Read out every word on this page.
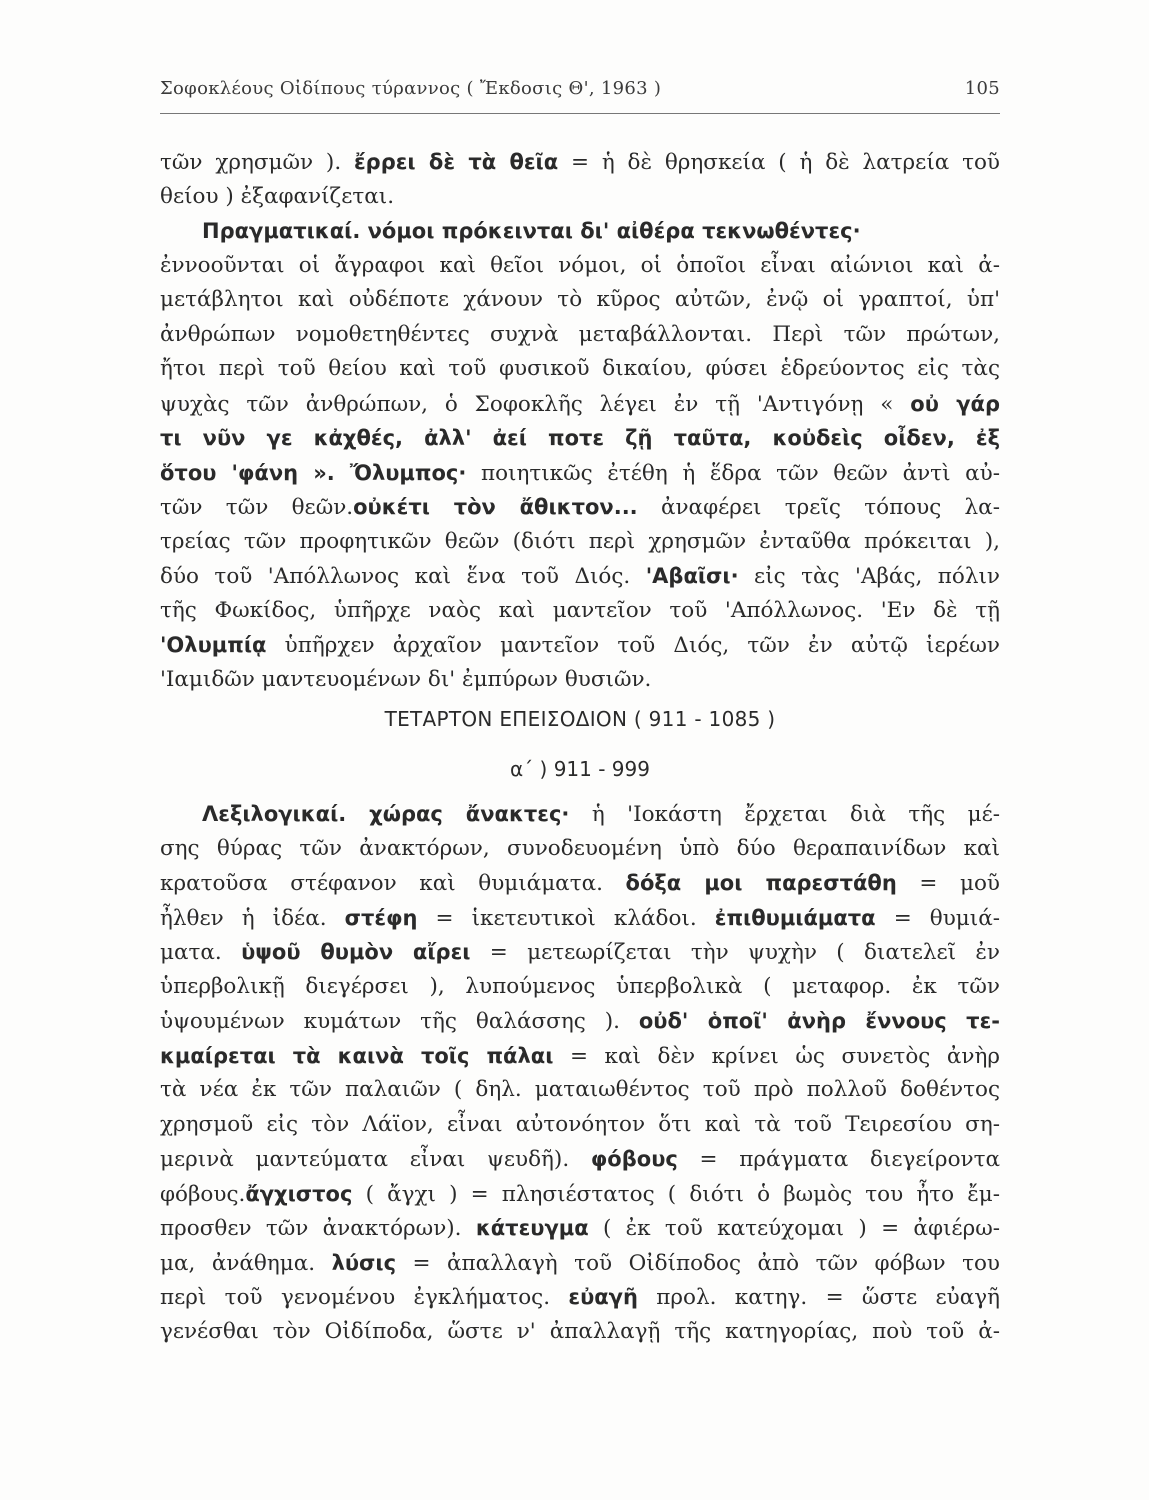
Σοφοκλέους Οἰδίπους τύραννος ( Ἔκδοσις Θ', 1963 )	105
τῶν χρησμῶν ). ἔρρει δὲ τὰ θεῖα = ἡ δὲ θρησκεία ( ἡ δὲ λατρεία τοῦ
θείου ) ἐξαφανίζεται.
Πραγματικαί. νόμοι πρόκεινται δι' αἰθέρα τεκνωθέντες·
ἐννοοῦνται οἱ ἄγραφοι καὶ θεῖοι νόμοι, οἱ ὁποῖοι εἶναι αἰώνιοι καὶ ἀ-
μετάβλητοι καὶ οὐδέποτε χάνουν τὸ κῦρος αὐτῶν, ἐνῷ οἱ γραπτοί, ὑπ'
ἀνθρώπων νομοθετηθέντες συχνὰ μεταβάλλονται. Περὶ τῶν πρώτων,
ἤτοι περὶ τοῦ θείου καὶ τοῦ φυσικοῦ δικαίου, φύσει ἑδρεύοντος εἰς τὰς
ψυχὰς τῶν ἀνθρώπων, ὁ Σοφοκλῆς λέγει ἐν τῇ 'Αντιγόνῃ « οὐ γάρ
τι νῦν γε κἀχθές, ἀλλ' ἀεί ποτε ζῇ ταῦτα, κοὐδεὶς οἶδεν, ἐξ
ὅτου 'φάνη ». Ὄλυμπος· ποιητικῶς ἐτέθη ἡ ἕδρα τῶν θεῶν ἀντὶ αὐ-
τῶν τῶν θεῶν.οὐκέτι τὸν ἄθικτον... ἀναφέρει τρεῖς τόπους λα-
τρείας τῶν προφητικῶν θεῶν (διότι περὶ χρησμῶν ἐνταῦθα πρόκειται ),
δύο τοῦ 'Απόλλωνος καὶ ἕνα τοῦ Διός. 'Αβαῖσι· εἰς τὰς 'Αβάς, πόλιν
τῆς Φωκίδος, ὑπῆρχε ναὸς καὶ μαντεῖον τοῦ 'Απόλλωνος. 'Εν δὲ τῇ
'Ολυμπίᾳ ὑπῆρχεν ἀρχαῖον μαντεῖον τοῦ Διός, τῶν ἐν αὐτῷ ἱερέων
'Ιαμιδῶν μαντευομένων δι' ἐμπύρων θυσιῶν.
ΤΕΤΑΡΤΟΝ ΕΠΕΙΣΟΔΙΟΝ ( 911 - 1085 )
α΄ ) 911 - 999
Λεξιλογικαί. χώρας ἄνακτες· ἡ 'Ιοκάστη ἔρχεται διὰ τῆς μέ-
σης θύρας τῶν ἀνακτόρων, συνοδευομένη ὑπὸ δύο θεραπαινίδων καὶ
κρατοῦσα στέφανον καὶ θυμιάματα. δόξα μοι παρεστάθη = μοῦ
ἦλθεν ἡ ἰδέα. στέφη = ἱκετευτικοὶ κλάδοι. ἐπιθυμιάματα = θυμιά-
ματα. ὑψοῦ θυμὸν αἴρει = μετεωρίζεται τὴν ψυχὴν ( διατελεῖ ἐν
ὑπερβολικῇ διεγέρσει ), λυπούμενος ὑπερβολικὰ ( μεταφορ. ἐκ τῶν
ὑψουμένων κυμάτων τῆς θαλάσσης ). οὐδ' ὁποῖ' ἀνὴρ ἔννους τε-
κμαίρεται τὰ καινὰ τοῖς πάλαι = καὶ δὲν κρίνει ὡς συνετὸς ἀνὴρ
τὰ νέα ἐκ τῶν παλαιῶν ( δηλ. ματαιωθέντος τοῦ πρὸ πολλοῦ δοθέντος
χρησμοῦ εἰς τὸν Λάϊον, εἶναι αὐτονόητον ὅτι καὶ τὰ τοῦ Τειρεσίου ση-
μερινὰ μαντεύματα εἶναι ψευδῆ). φόβους = πράγματα διεγείροντα
φόβους.ἄγχιστος ( ἄγχι ) = πλησιέστατος ( διότι ὁ βωμὸς του ἦτο ἔμ-
προσθεν τῶν ἀνακτόρων). κάτευγμα ( ἐκ τοῦ κατεύχομαι ) = ἀφιέρω-
μα, ἀνάθημα. λύσις = ἀπαλλαγὴ τοῦ Οἰδίποδος ἀπὸ τῶν φόβων του
περὶ τοῦ γενομένου ἐγκλήματος. εὐαγῆ προλ. κατηγ. = ὥστε εὐαγῆ
γενέσθαι τὸν Οἰδίποδα, ὥστε ν' ἀπαλλαγῇ τῆς κατηγορίας, ποὺ τοῦ ἀ-
